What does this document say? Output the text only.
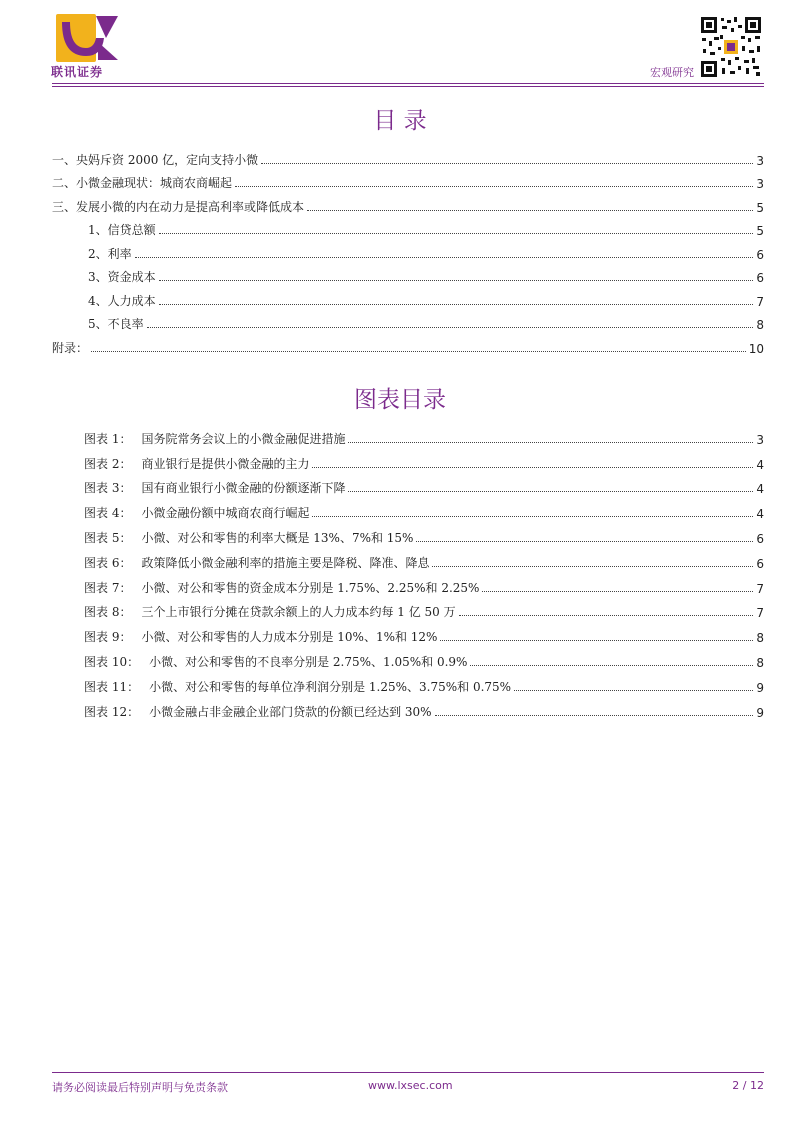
联讯证券	宏观研究
目 录
一、央妈斥资 2000 亿，定向支持小微	3
二、小微金融现状：城商农商崛起	3
三、发展小微的内在动力是提高利率或降低成本	5
1、信贷总额	5
2、利率	6
3、资金成本	6
4、人力成本	7
5、不良率	8
附录：	10
图表目录
图表 1： 国务院常务会议上的小微金融促进措施	3
图表 2： 商业银行是提供小微金融的主力	4
图表 3： 国有商业银行小微金融的份额逐渐下降	4
图表 4： 小微金融份额中城商农商行崛起	4
图表 5： 小微、对公和零售的利率大概是 13%、7%和 15%	6
图表 6： 政策降低小微金融利率的措施主要是降税、降准、降息	6
图表 7： 小微、对公和零售的资金成本分别是 1.75%、2.25%和 2.25%	7
图表 8： 三个上市银行分摊在贷款余额上的人力成本约每 1 亿 50 万	7
图表 9： 小微、对公和零售的人力成本分别是 10%、1%和 12%	8
图表 10： 小微、对公和零售的不良率分别是 2.75%、1.05%和 0.9%	8
图表 11： 小微、对公和零售的每单位净利润分别是 1.25%、3.75%和 0.75%	9
图表 12： 小微金融占非金融企业部门贷款的份额已经达到 30%	9
请务必阅读最后特别声明与免责条款	www.lxsec.com	2 / 12
